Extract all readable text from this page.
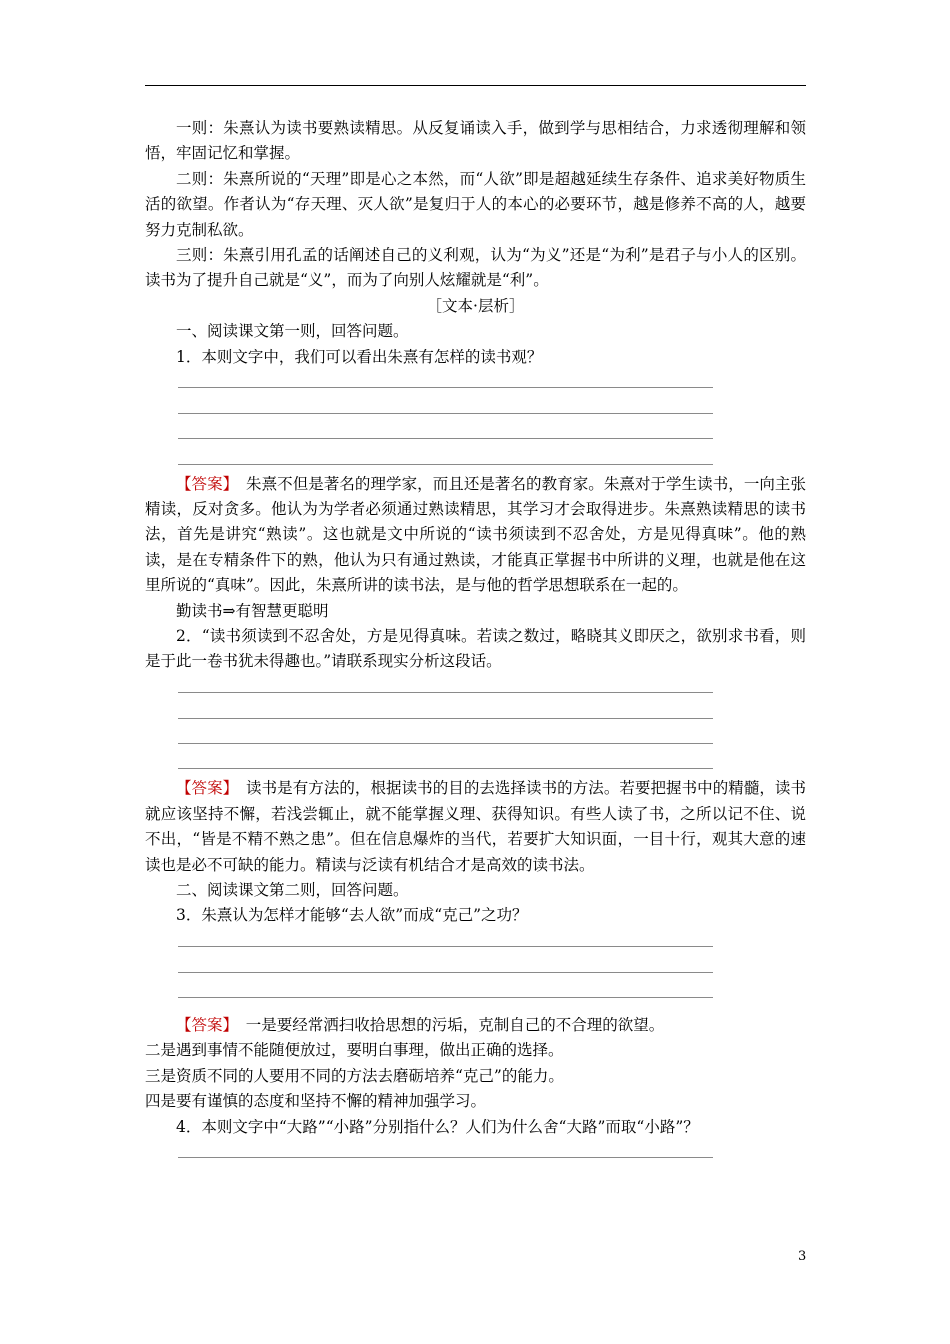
一则：朱熹认为读书要熟读精思。从反复诵读入手，做到学与思相结合，力求透彻理解和领悟，牢固记忆和掌握。

二则：朱熹所说的“天理”即是心之本然，而“人欲”即是超越延续生存条件、追求美好物质生活的欲望。作者认为“存天理、灭人欲”是复归于人的本心的必要环节，越是修养不高的人，越要努力克制私欲。

三则：朱熹引用孔孟的话阐述自己的义利观，认为“为义”还是“为利”是君子与小人的区别。读书为了提升自己就是“义”，而为了向别人炫耀就是“利”。

［文本·层析］

一、阅读课文第一则，回答问题。

1．本则文字中，我们可以看出朱熹有怎样的读书观？

【答案】　朱熹不但是著名的理学家，而且还是著名的教育家。朱熹对于学生读书，一向主张精读，反对贪多。他认为为学者必须通过熟读精思，其学习才会取得进步。朱熹熟读精思的读书法，首先是讲究“熟读”。这也就是文中所说的“读书须读到不忍舍处，方是见得真味”。他的熟读，是在专精条件下的熟，他认为只有通过熟读，才能真正掌握书中所讲的义理，也就是他在这里所说的“真味”。因此，朱熹所讲的读书法，是与他的哲学思想联系在一起的。

勤读书⇒有智慧更聪明

2．“读书须读到不忍舍处，方是见得真味。若读之数过，略晓其义即厌之，欲别求书看，则是于此一卷书犹未得趣也。”请联系现实分析这段话。

【答案】　读书是有方法的，根据读书的目的去选择读书的方法。若要把握书中的精髓，读书就应该坚持不懈，若浅尝辄止，就不能掌握义理、获得知识。有些人读了书，之所以记不住、说不出，“皆是不精不熟之患”。但在信息爆炸的当代，若要扩大知识面，一目十行，观其大意的速读也是必不可缺的能力。精读与泛读有机结合才是高效的读书法。

二、阅读课文第二则，回答问题。

3．朱熹认为怎样才能够“去人欲”而成“克己”之功？

【答案】　一是要经常洒扫收拾思想的污垢，克制自己的不合理的欲望。

二是遇到事情不能随便放过，要明白事理，做出正确的选择。

三是资质不同的人要用不同的方法去磨砺培养“克己”的能力。

四是要有谨慎的态度和坚持不懈的精神加强学习。

4．本则文字中“大路”“小路”分别指什么？人们为什么舍“大路”而取“小路”？

3
